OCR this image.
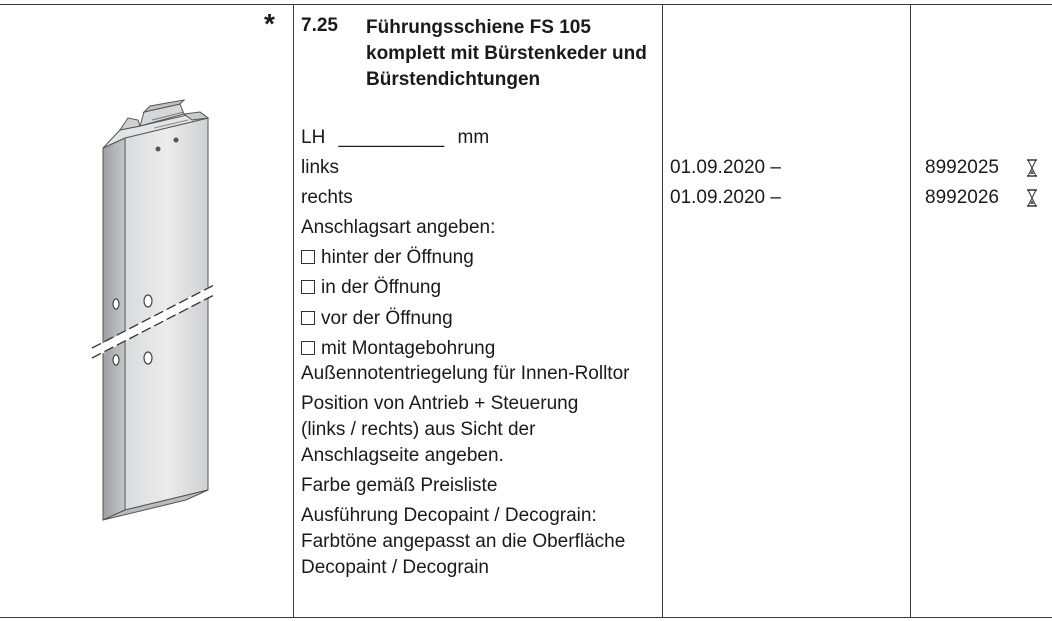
* 7.25 Führungsschiene FS 105 komplett mit Bürstenkeder und Bürstendichtungen
LH __________ mm
links	01.09.2020 –	8992025
rechts	01.09.2020 –	8992026
Anschlagsart angeben:
hinter der Öffnung
in der Öffnung
vor der Öffnung
mit Montagebohrung
Außennotentriegelung für Innen-Rolltor
Position von Antrieb + Steuerung
(links / rechts) aus Sicht der
Anschlagseite angeben.
Farbe gemäß Preisliste
Ausführung Decopaint / Decograin:
Farbtöne angepasst an die Oberfläche
Decopaint / Decograin
